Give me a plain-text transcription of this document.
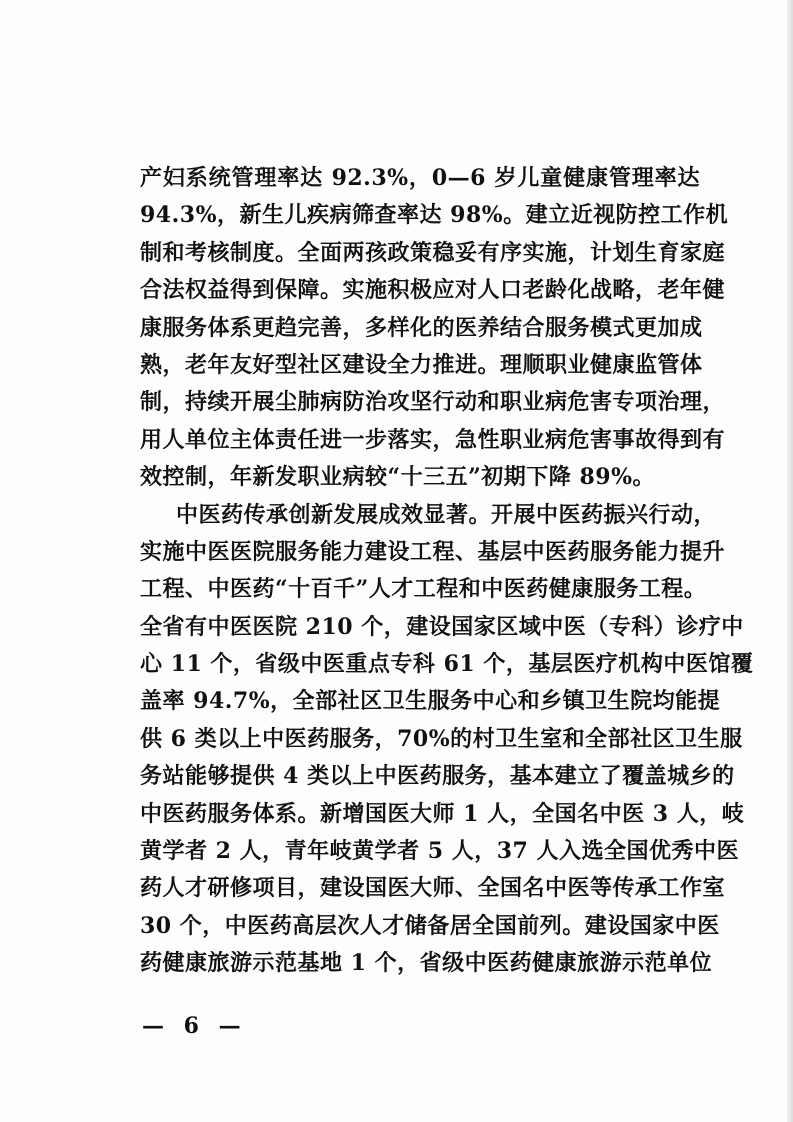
产妇系统管理率达 92.3%，0—6 岁儿童健康管理率达
94.3%，新生儿疾病筛查率达 98%。建立近视防控工作机
制和考核制度。全面两孩政策稳妥有序实施，计划生育家庭
合法权益得到保障。实施积极应对人口老龄化战略，老年健
康服务体系更趋完善，多样化的医养结合服务模式更加成
熟，老年友好型社区建设全力推进。理顺职业健康监管体
制，持续开展尘肺病防治攻坚行动和职业病危害专项治理，
用人单位主体责任进一步落实，急性职业病危害事故得到有
效控制，年新发职业病较“十三五”初期下降 89%。
中医药传承创新发展成效显著。开展中医药振兴行动，
实施中医医院服务能力建设工程、基层中医药服务能力提升
工程、中医药“十百千”人才工程和中医药健康服务工程。
全省有中医医院 210 个，建设国家区域中医（专科）诊疗中
心 11 个，省级中医重点专科 61 个，基层医疗机构中医馆覆
盖率 94.7%，全部社区卫生服务中心和乡镇卫生院均能提
供 6 类以上中医药服务，70%的村卫生室和全部社区卫生服
务站能够提供 4 类以上中医药服务，基本建立了覆盖城乡的
中医药服务体系。新增国医大师 1 人，全国名中医 3 人，岐
黄学者 2 人，青年岐黄学者 5 人，37 人入选全国优秀中医
药人才研修项目，建设国医大师、全国名中医等传承工作室
30 个，中医药高层次人才储备居全国前列。建设国家中医
药健康旅游示范基地 1 个，省级中医药健康旅游示范单位
— 6 —
